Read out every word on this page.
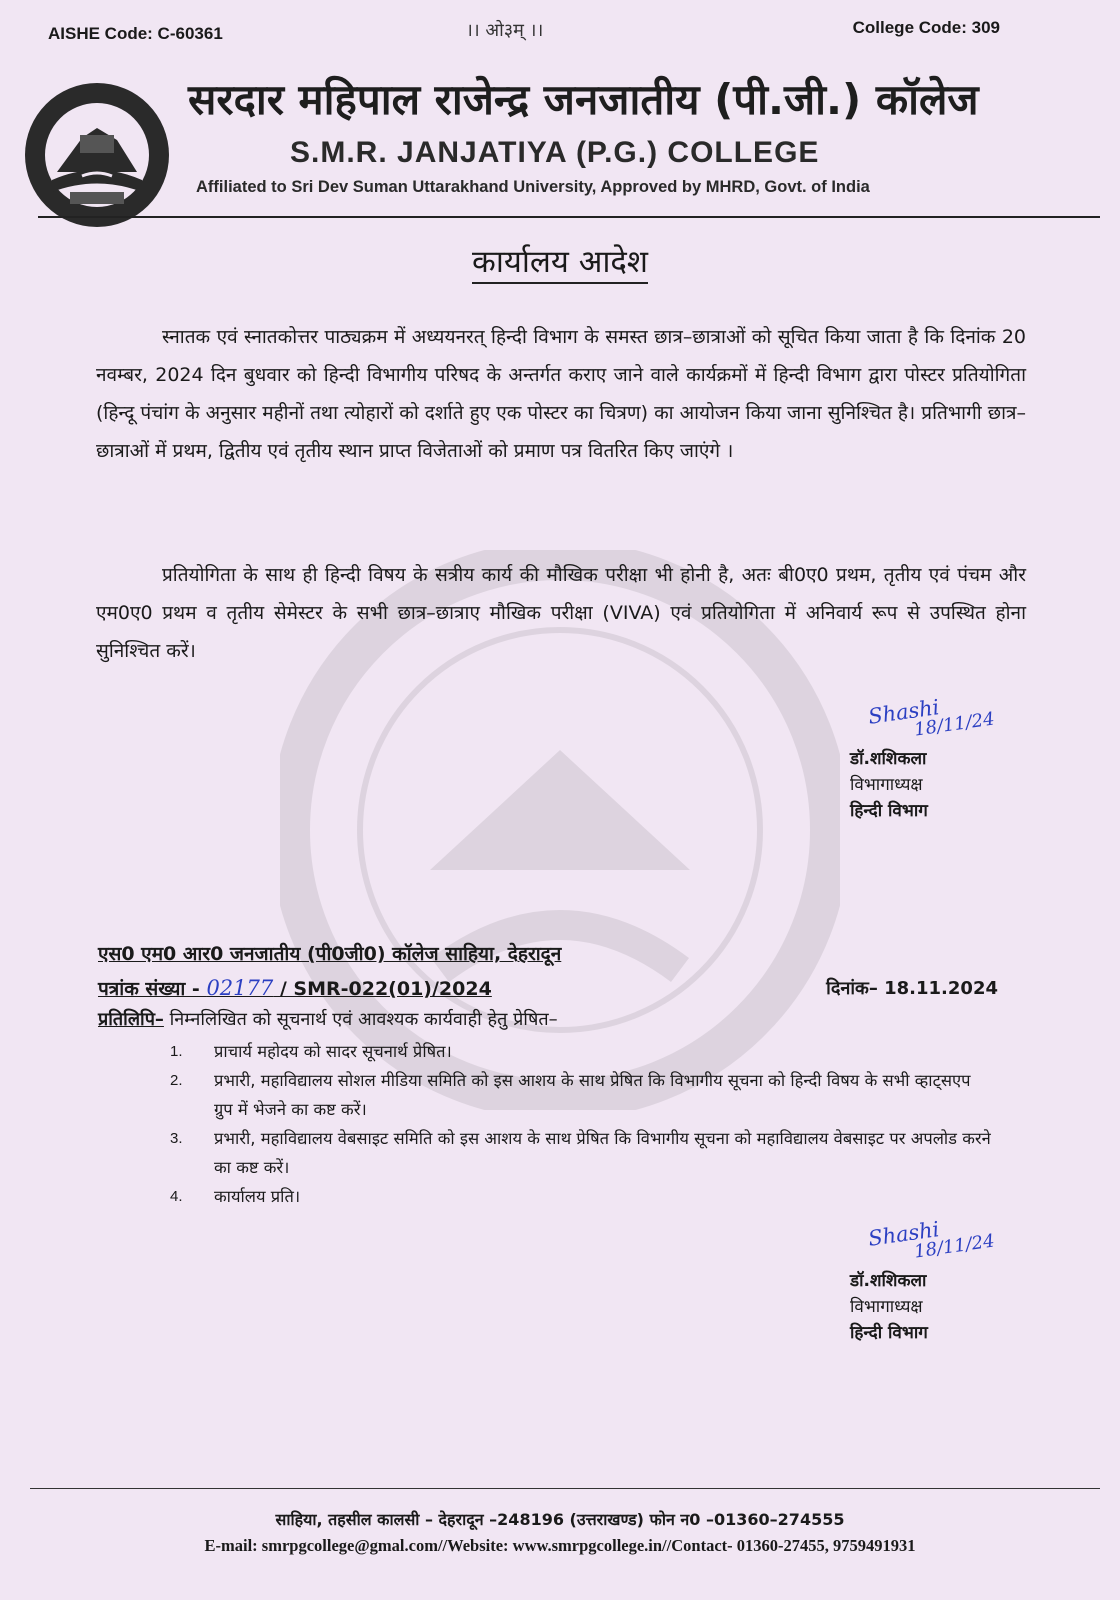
AISHE Code: C-60361	।। ओ३म् ।।	College Code: 309
सरदार महिपाल राजेन्द्र जनजातीय (पी.जी.) कॉलेज
S.M.R. JANJATIYA (P.G.) COLLEGE
Affiliated to Sri Dev Suman Uttarakhand University, Approved by MHRD, Govt. of India
कार्यालय आदेश
स्नातक एवं स्नातकोत्तर पाठ्यक्रम में अध्ययनरत् हिन्दी विभाग के समस्त छात्र–छात्राओं को सूचित किया जाता है कि दिनांक 20 नवम्बर, 2024 दिन बुधवार को हिन्दी विभागीय परिषद के अन्तर्गत कराए जाने वाले कार्यक्रमों में हिन्दी विभाग द्वारा पोस्टर प्रतियोगिता (हिन्दू पंचांग के अनुसार महीनों तथा त्योहारों को दर्शाते हुए एक पोस्टर का चित्रण) का आयोजन किया जाना सुनिश्चित है। प्रतिभागी छात्र–छात्राओं में प्रथम, द्वितीय एवं तृतीय स्थान प्राप्त विजेताओं को प्रमाण पत्र वितरित किए जाएंगे ।
प्रतियोगिता के साथ ही हिन्दी विषय के सत्रीय कार्य की मौखिक परीक्षा भी होनी है, अतः बी0ए0 प्रथम, तृतीय एवं पंचम और एम0ए0 प्रथम व तृतीय सेमेस्टर के सभी छात्र–छात्राए मौखिक परीक्षा (VIVA) एवं प्रतियोगिता में अनिवार्य रूप से उपस्थित होना सुनिश्चित करें।
Shashi
18/11/24
डॉ.शशिकला
विभागाध्यक्ष
हिन्दी विभाग
एस0 एम0 आर0 जनजातीय (पी0जी0) कॉलेज साहिया, देहरादून
पत्रांक संख्या - 02177 / SMR-022(01)/2024	दिनांक– 18.11.2024
प्रतिलिपि– निम्नलिखित को सूचनार्थ एवं आवश्यक कार्यवाही हेतु प्रेषित–
1. प्राचार्य महोदय को सादर सूचनार्थ प्रेषित।
2. प्रभारी, महाविद्यालय सोशल मीडिया समिति को इस आशय के साथ प्रेषित कि विभागीय सूचना को हिन्दी विषय के सभी व्हाट्सएप ग्रुप में भेजने का कष्ट करें।
3. प्रभारी, महाविद्यालय वेबसाइट समिति को इस आशय के साथ प्रेषित कि विभागीय सूचना को महाविद्यालय वेबसाइट पर अपलोड करने का कष्ट करें।
4. कार्यालय प्रति।
Shashi
18/11/24
डॉ.शशिकला
विभागाध्यक्ष
हिन्दी विभाग
साहिया, तहसील कालसी – देहरादून –248196 (उत्तराखण्ड) फोन न0 –01360–274555
E-mail: smrpgcollege@gmal.com//Website: www.smrpgcollege.in//Contact- 01360-27455, 9759491931
